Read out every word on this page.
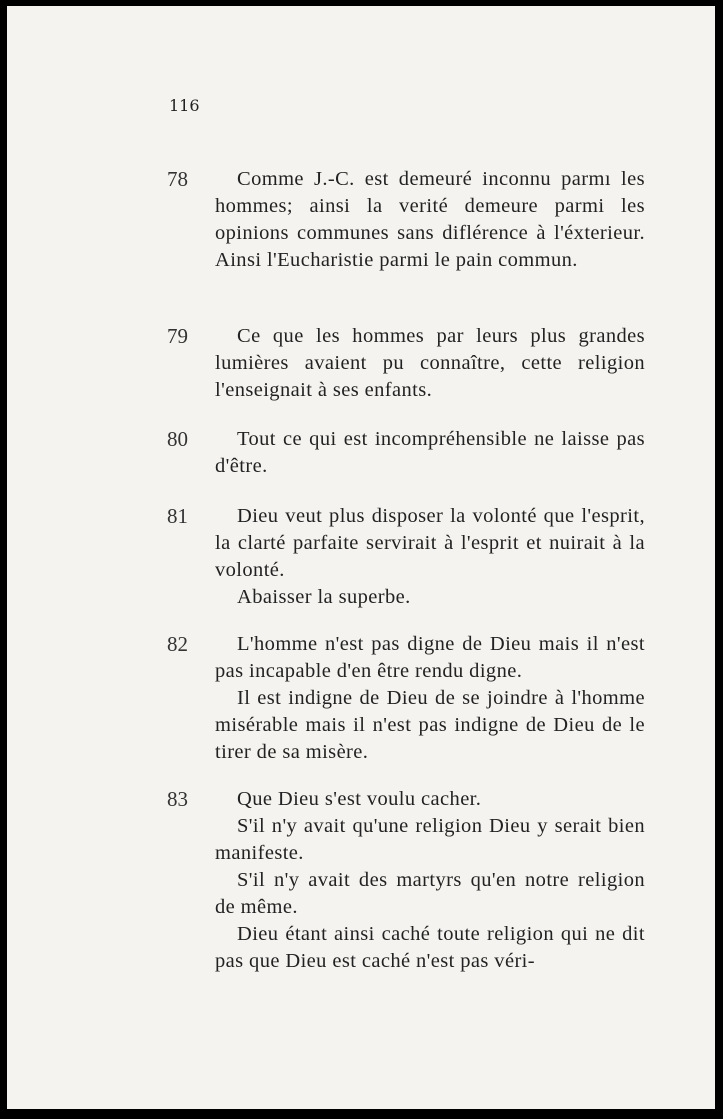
116

78	Comme J.-C. est demeuré inconnu parmı les hommes; ainsi la verité demeure parmi les opinions communes sans diflérence à l'éxterieur. Ainsi l'Eucharistie parmi le pain commun.

79	Ce que les hommes par leurs plus grandes lumières avaient pu connaître, cette religion l'enseignait à ses enfants.

80	Tout ce qui est incompréhensible ne laisse pas d'être.

81	Dieu veut plus disposer la volonté que l'esprit, la clarté parfaite servirait à l'esprit et nuirait à la volonté.

Abaisser la superbe.

82	L'homme n'est pas digne de Dieu mais il n'est pas incapable d'en être rendu digne.

Il est indigne de Dieu de se joindre à l'homme misérable mais il n'est pas indigne de Dieu de le tirer de sa misère.

83	Que Dieu s'est voulu cacher.

S'il n'y avait qu'une religion Dieu y serait bien manifeste.

S'il n'y avait des martyrs qu'en notre religion de même.

Dieu étant ainsi caché toute religion qui ne dit pas que Dieu est caché n'est pas véri-
